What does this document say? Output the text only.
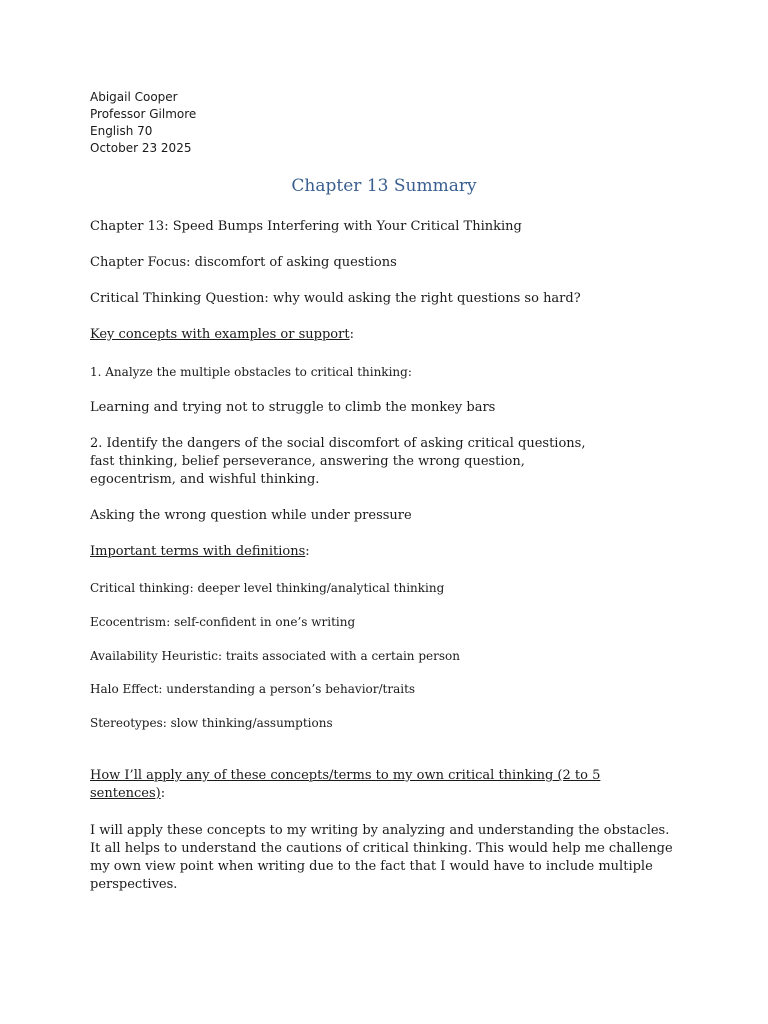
Abigail Cooper
Professor Gilmore
English 70
October 23 2025
Chapter 13 Summary
Chapter 13: Speed Bumps Interfering with Your Critical Thinking
Chapter Focus: discomfort of asking questions
Critical Thinking Question: why would asking the right questions so hard?
Key concepts with examples or support:
1. Analyze the multiple obstacles to critical thinking:
Learning and trying not to struggle to climb the monkey bars
2. Identify the dangers of the social discomfort of asking critical questions,
fast thinking, belief perseverance, answering the wrong question,
egocentrism, and wishful thinking.
Asking the wrong question while under pressure
Important terms with definitions:
Critical thinking: deeper level thinking/analytical thinking
Ecocentrism: self-confident in one’s writing
Availability Heuristic: traits associated with a certain person
Halo Effect: understanding a person’s behavior/traits
Stereotypes: slow thinking/assumptions
How I’ll apply any of these concepts/terms to my own critical thinking (2 to 5
sentences):
I will apply these concepts to my writing by analyzing and understanding the obstacles.
It all helps to understand the cautions of critical thinking. This would help me challenge
my own view point when writing due to the fact that I would have to include multiple
perspectives.
